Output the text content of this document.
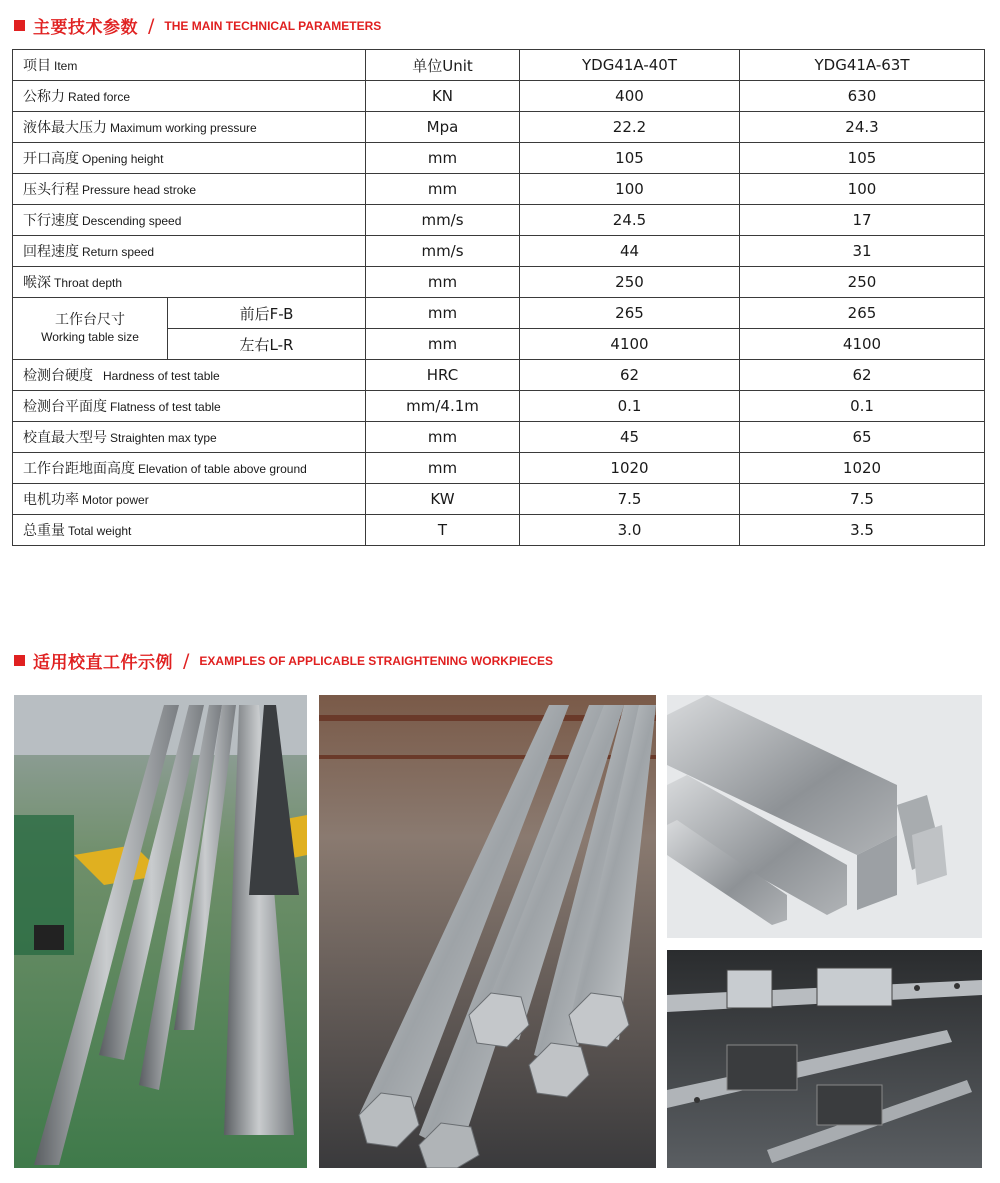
主要技术参数 / THE MAIN TECHNICAL PARAMETERS
项目 Item		单位Unit	YDG41A-40T	YDG41A-63T
公称力 Rated force		KN	400	630
液体最大压力 Maximum working pressure		Mpa	22.2	24.3
开口高度 Opening height		mm	105	105
压头行程 Pressure head stroke		mm	100	100
下行速度 Descending speed		mm/s	24.5	17
回程速度 Return speed		mm/s	44	31
喉深 Throat depth		mm	250	250
工作台尺寸
Working table size	前后F-B	mm	265	265
	左右L-R	mm	4100	4100
检测台硬度 Hardness of test table		HRC	62	62
检测台平面度 Flatness of test table		mm/4.1m	0.1	0.1
校直最大型号 Straighten max type		mm	45	65
工作台距地面高度 Elevation of table above ground		mm	1020	1020
电机功率 Motor power		KW	7.5	7.5
总重量 Total weight		T	3.0	3.5
适用校直工件示例 / EXAMPLES OF APPLICABLE STRAIGHTENING WORKPIECES
